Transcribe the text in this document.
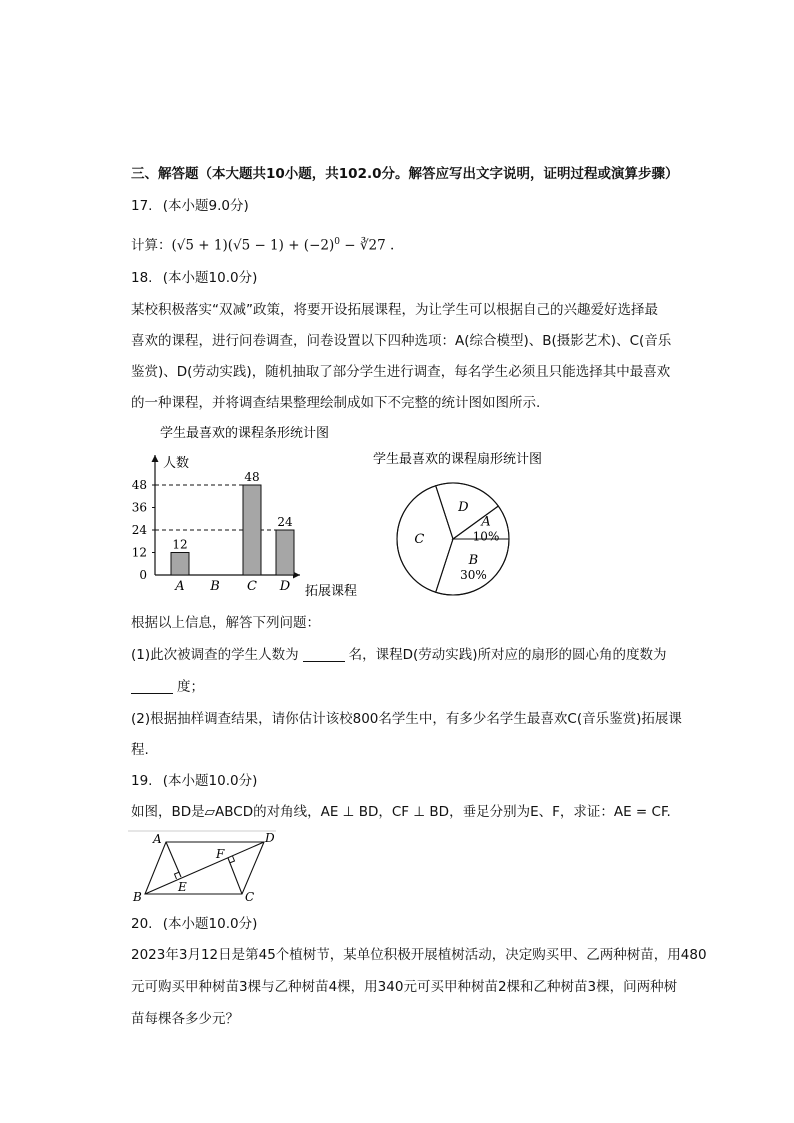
三、解答题（本大题共10小题，共102.0分。解答应写出文字说明，证明过程或演算步骤）
17. (本小题9.0分)
计算：$(√5 + 1)(√5 - 1) + (-2)^0$ − ∛27 .
18. (本小题10.0分)
某校积极落实“双减”政策，将要开设拓展课程，为让学生可以根据自己的兴趣爱好选择最
喜欢的课程，进行问卷调查，问卷设置以下四种选项：A(综合模型)、B(摄影艺术)、C(音乐
鉴赏)、D(劳动实践)，随机抽取了部分学生进行调查，每名学生必须且只能选择其中最喜欢
的一种课程，并将调查结果整理绘制成如下不完整的统计图如图所示.
学生最喜欢的课程条形统计图
0
12
24
36
48
12
A B
48
C
24
D
人数
拓展课程
学生最喜欢的课程扇形统计图
A
10%
B
30%
C
D
根据以上信息，解答下列问题：
(1)此次被调查的学生人数为	名，课程D(劳动实践)所对应的扇形的圆心角的度数为
度；
(2)根据抽样调查结果，请你估计该校800名学生中，有多少名学生最喜欢C(音乐鉴赏)拓展课
程.
19. (本小题10.0分)
如图，BD是▱ABCD的对角线，AE ⊥ BD，CF ⊥ BD，垂足分别为E、F，求证：AE = CF.
A	D
B	C
E
F
20. (本小题10.0分)
2023年3月12日是第45个植树节，某单位积极开展植树活动，决定购买甲、乙两种树苗，用480
元可购买甲种树苗3棵与乙种树苗4棵，用340元可买甲种树苗2棵和乙种树苗3棵，问两种树
苗每棵各多少元？
